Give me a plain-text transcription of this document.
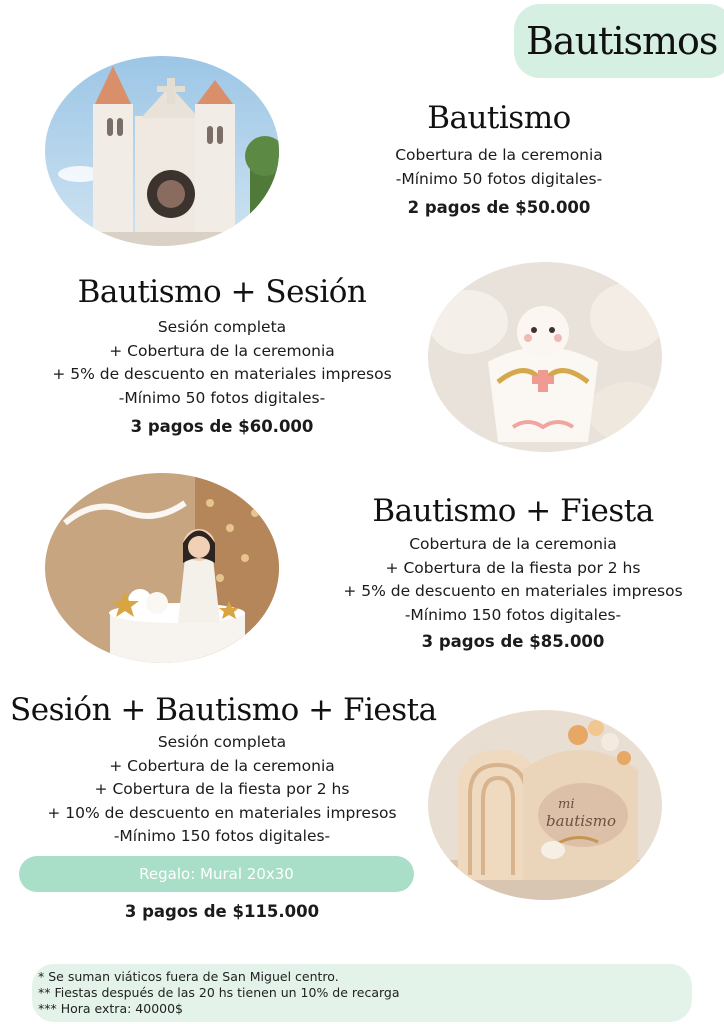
Bautismos
Bautismo
Cobertura de la ceremonia
-Mínimo 50 fotos digitales-
2 pagos de $50.000
Bautismo + Sesión
Sesión completa
+ Cobertura de la ceremonia
+ 5% de descuento en materiales impresos
-Mínimo 50 fotos digitales-
3 pagos de $60.000
Bautismo + Fiesta
Cobertura de la ceremonia
+ Cobertura de la fiesta por 2 hs
+ 5% de descuento en materiales impresos
-Mínimo 150 fotos digitales-
3 pagos de $85.000
Sesión + Bautismo + Fiesta
Sesión completa
+ Cobertura de la ceremonia
+ Cobertura de la fiesta por 2 hs
+ 10% de descuento en materiales impresos
-Mínimo 150 fotos digitales-
Regalo: Mural 20x30
3 pagos de $115.000
mi
bautismo
* Se suman viáticos fuera de San Miguel centro.
** Fiestas después de las 20 hs tienen un 10% de recarga
*** Hora extra: 40000$
